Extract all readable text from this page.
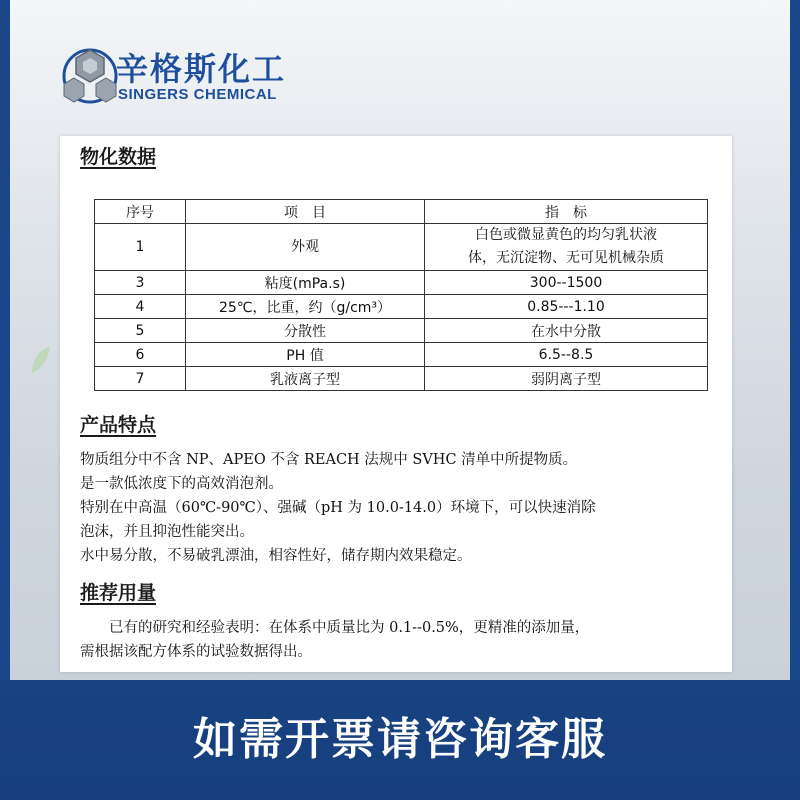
辛格斯化工
SINGERS CHEMICAL
物化数据
序号	项　目	指　标
1	外观	白色或微显黄色的均匀乳状液
体，无沉淀物、无可见机械杂质

3	粘度(mPa.s)	300--1500
4	25℃，比重，约（g/cm³）	0.85---1.10
5	分散性	在水中分散
6	PH 值	6.5--8.5
7	乳液离子型	弱阴离子型
产品特点
物质组分中不含 NP、APEO 不含 REACH 法规中 SVHC 清单中所提物质。
是一款低浓度下的高效消泡剂。
特别在中高温（60℃-90℃）、强碱（pH 为 10.0-14.0）环境下，可以快速消除
泡沫，并且抑泡性能突出。
水中易分散，不易破乳漂油，相容性好，储存期内效果稳定。
推荐用量
　　已有的研究和经验表明：在体系中质量比为 0.1--0.5%，更精准的添加量，
需根据该配方体系的试验数据得出。
如需开票请咨询客服
